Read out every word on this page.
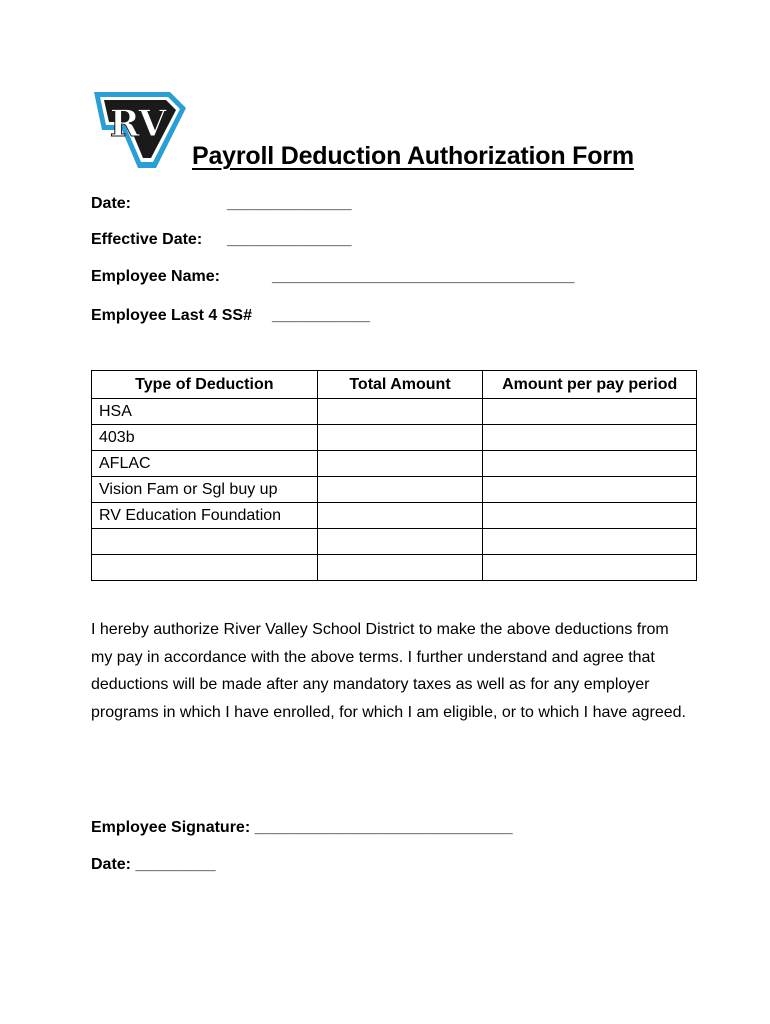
RV
Payroll Deduction Authorization Form
Date:	______________
Effective Date: ______________
Employee Name:	__________________________________
Employee Last 4 SS# ___________
Type of Deduction	Total Amount	Amount per pay period
HSA		
403b		
AFLAC		
Vision Fam or Sgl buy up		
RV Education Foundation		

I hereby authorize River Valley School District to make the above deductions from my pay in accordance with the above terms. I further understand and agree that deductions will be made after any mandatory taxes as well as for any employer programs in which I have enrolled, for which I am eligible, or to which I have agreed.
Employee Signature: _____________________________
Date: _________
